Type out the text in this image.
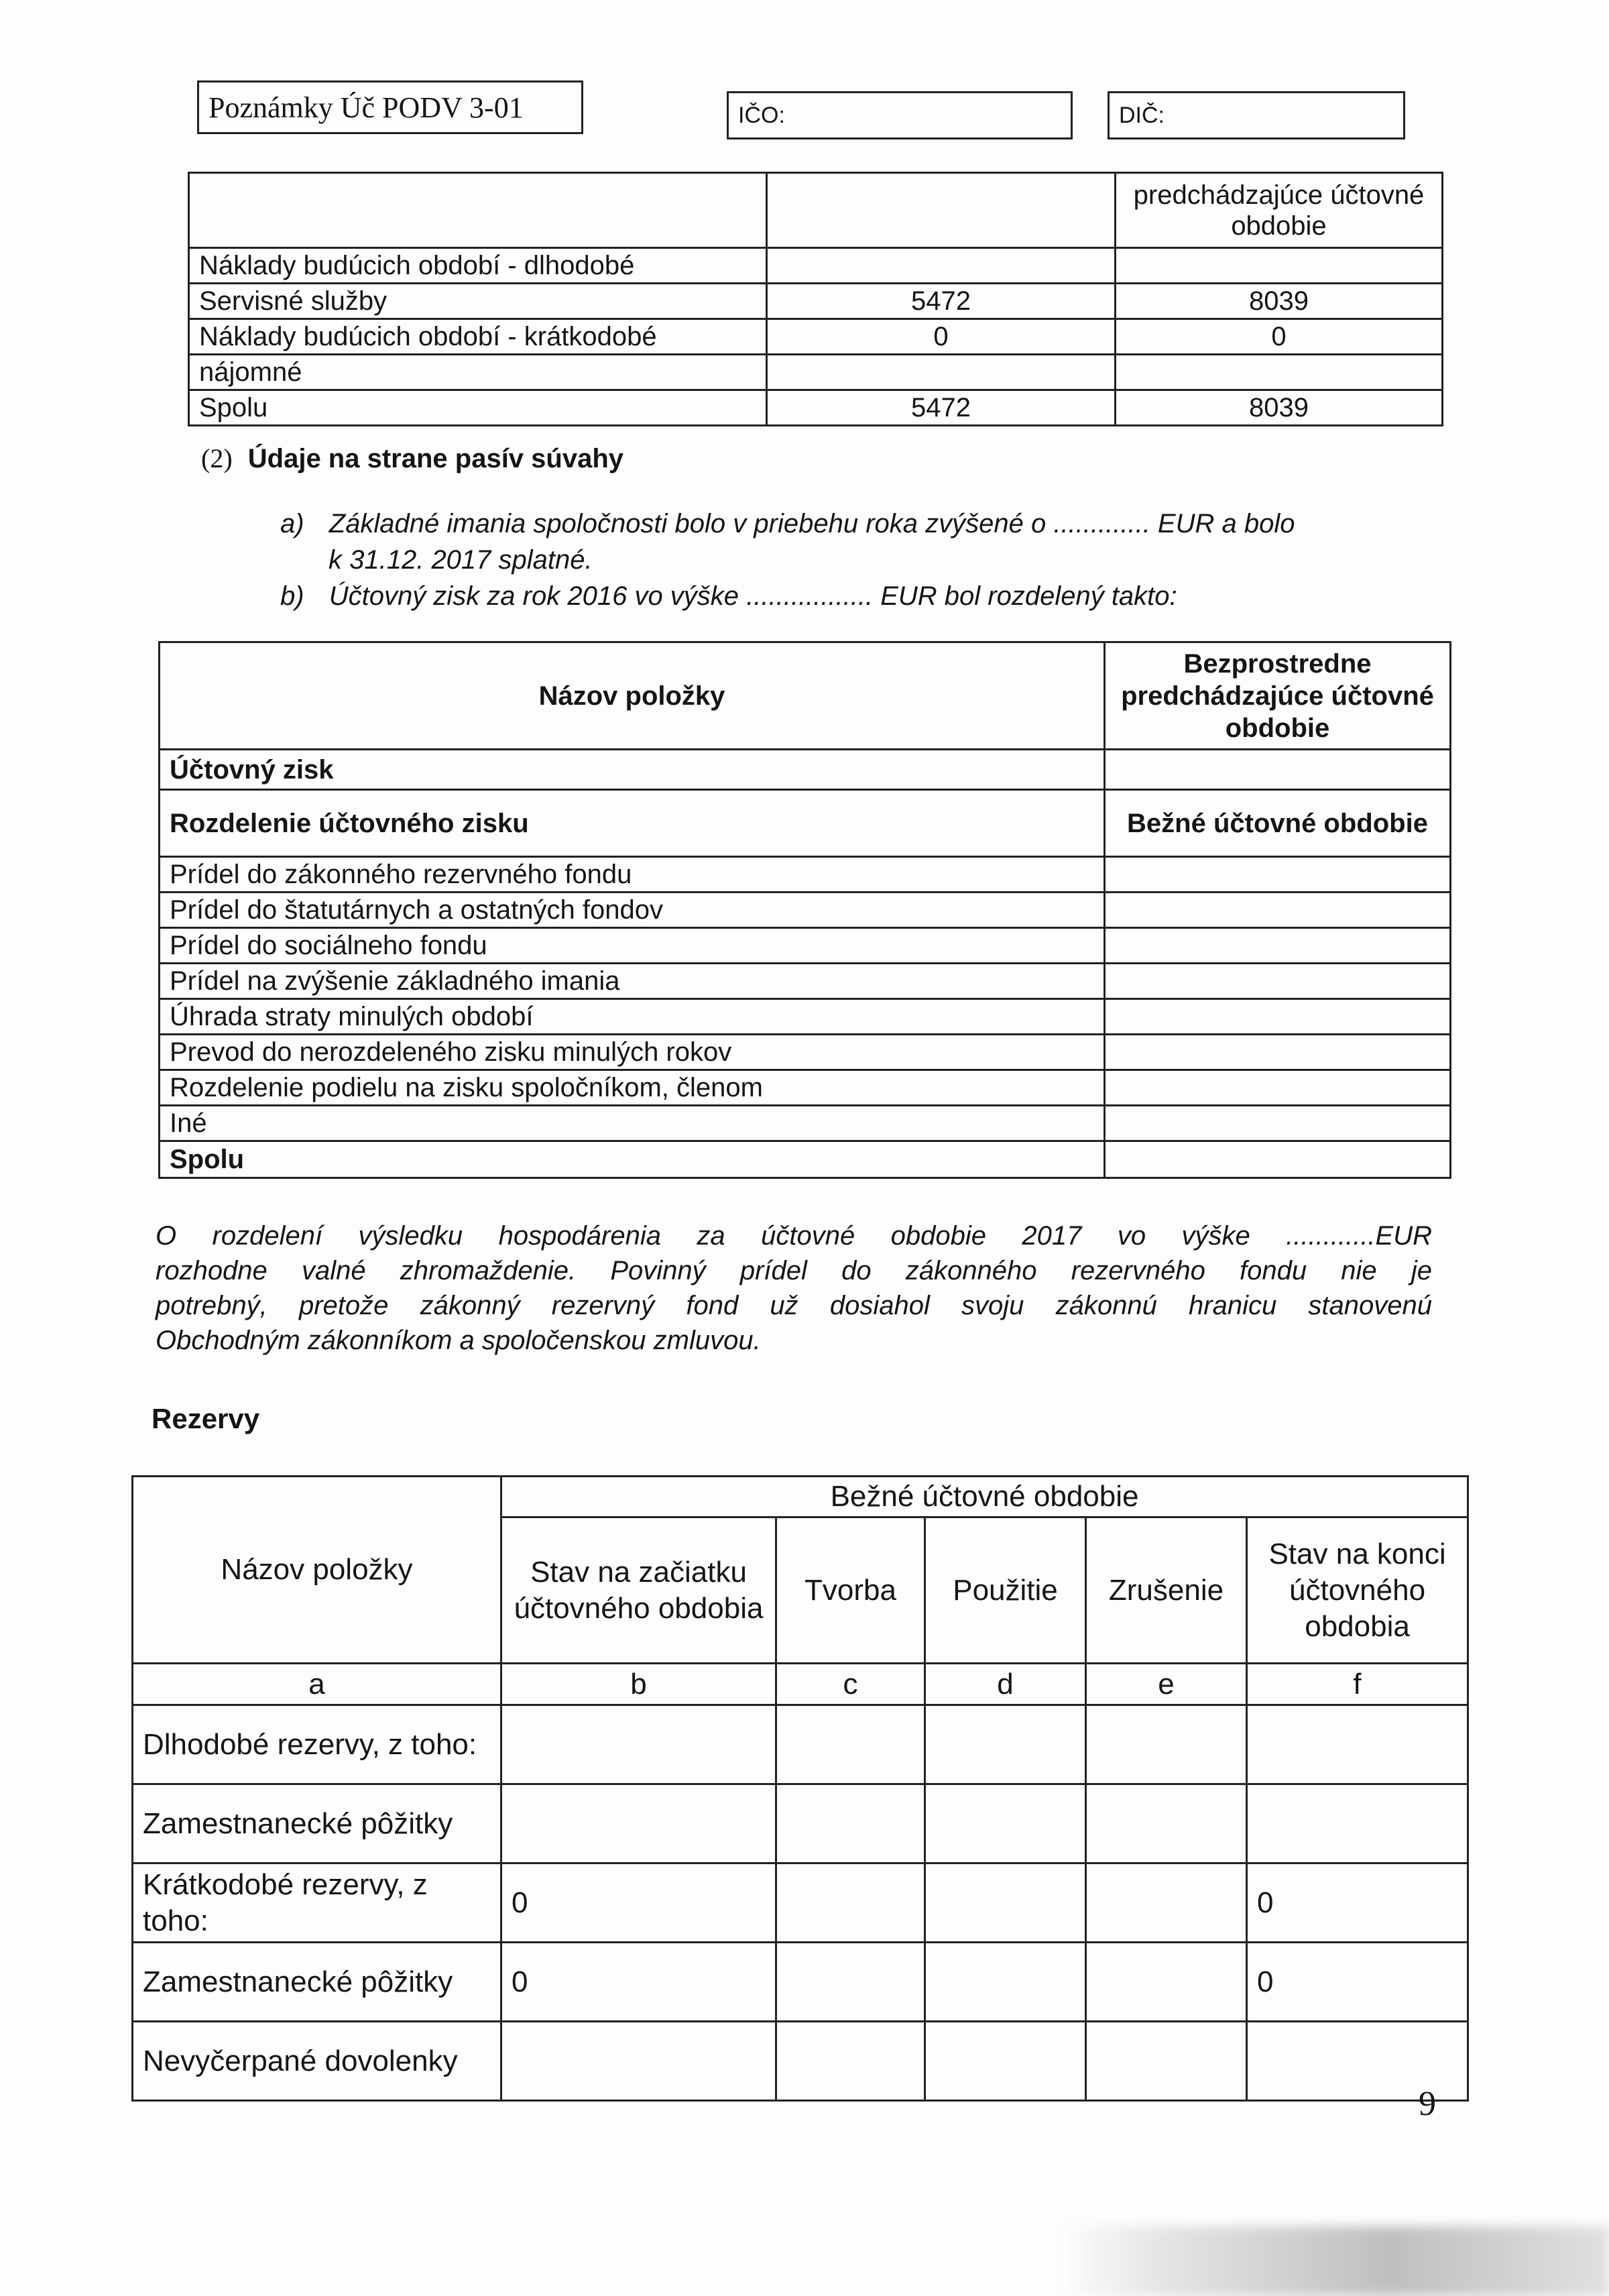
Poznámky Úč PODV 3-01	IČO:	DIČ:
		predchádzajúce účtovné obdobie
Náklady budúcich období - dlhodobé		
Servisné služby	5472	8039
Náklady budúcich období - krátkodobé	0	0
nájomné		
Spolu	5472	8039
(2) Údaje na strane pasív súvahy
a) Základné imania spoločnosti bolo v priebehu roka zvýšené o ............. EUR a bolo
k 31.12. 2017 splatné.
b) Účtovný zisk za rok 2016 vo výške ................. EUR bol rozdelený takto:
Názov položky	Bezprostredne predchádzajúce účtovné obdobie
Účtovný zisk	
Rozdelenie účtovného zisku	Bežné účtovné obdobie
Prídel do zákonného rezervného fondu	
Prídel do štatutárnych a ostatných fondov	
Prídel do sociálneho fondu	
Prídel na zvýšenie základného imania	
Úhrada straty minulých období	
Prevod do nerozdeleného zisku minulých rokov	
Rozdelenie podielu na zisku spoločníkom, členom	
Iné	
Spolu	
O rozdelení výsledku hospodárenia za účtovné obdobie 2017 vo výške ............EUR
rozhodne valné zhromaždenie. Povinný prídel do zákonného rezervného fondu nie je
potrebný, pretože zákonný rezervný fond už dosiahol svoju zákonnú hranicu stanovenú
Obchodným zákonníkom a spoločenskou zmluvou.
Rezervy
Názov položky	Bežné účtovné obdobie				
	Stav na začiatku účtovného obdobia	Tvorba	Použitie	Zrušenie	Stav na konci účtovného obdobia
a	b	c	d	e	f
Dlhodobé rezervy, z toho:					
Zamestnanecké pôžitky					
Krátkodobé rezervy, z toho:	0				0
Zamestnanecké pôžitky	0				0
Nevyčerpané dovolenky					
9
